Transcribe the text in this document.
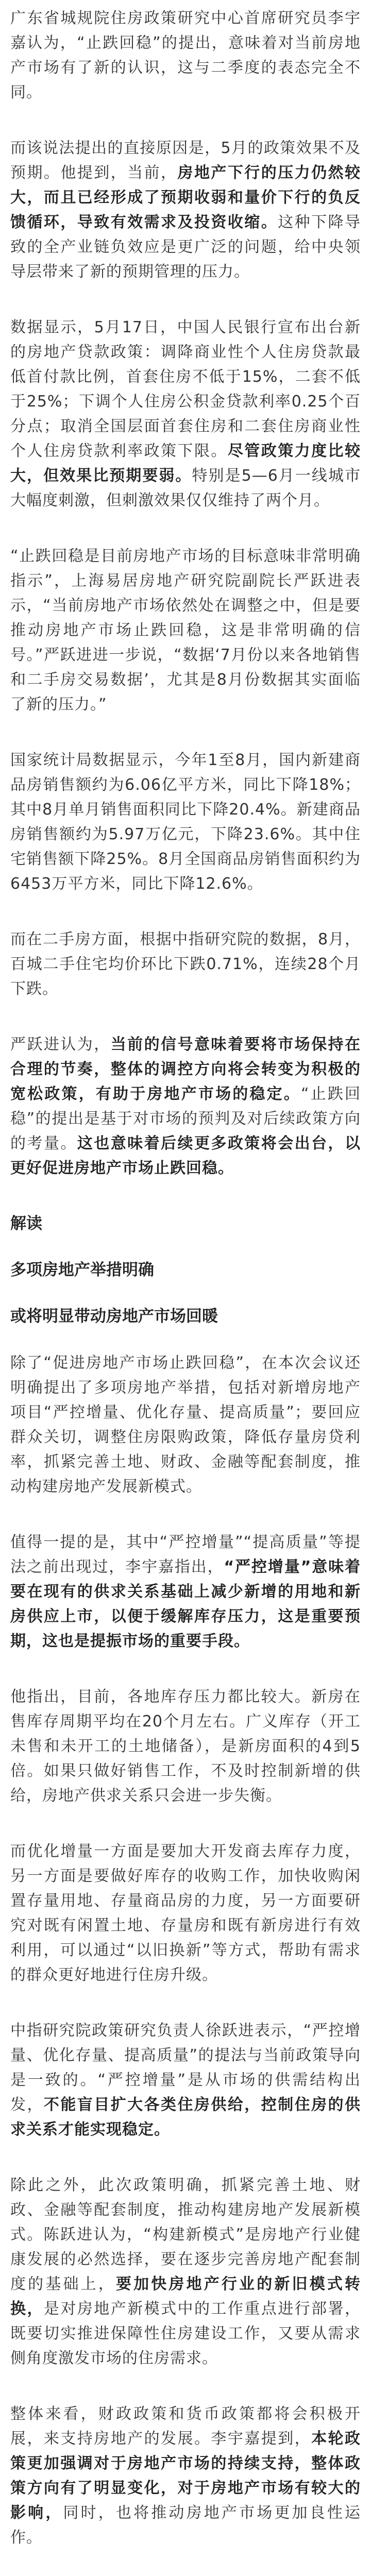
广东省城规院住房政策研究中心首席研究员李宇嘉认为，“止跌回稳”的提出，意味着对当前房地产市场有了新的认识，这与二季度的表态完全不同。

而该说法提出的直接原因是，5月的政策效果不及预期。他提到，当前，房地产下行的压力仍然较大，而且已经形成了预期收弱和量价下行的负反馈循环，导致有效需求及投资收缩。这种下降导致的全产业链负效应是更广泛的问题，给中央领导层带来了新的预期管理的压力。

数据显示，5月17日，中国人民银行宣布出台新的房地产贷款政策：调降商业性个人住房贷款最低首付款比例，首套住房不低于15%，二套不低于25%；下调个人住房公积金贷款利率0.25个百分点；取消全国层面首套住房和二套住房商业性个人住房贷款利率政策下限。尽管政策力度比较大，但效果比预期要弱。特别是5—6月一线城市大幅度刺激，但刺激效果仅仅维持了两个月。

“止跌回稳是目前房地产市场的目标意味非常明确指示”，上海易居房地产研究院副院长严跃进表示，“当前房地产市场依然处在调整之中，但是要推动房地产市场止跌回稳，这是非常明确的信号。”严跃进进一步说，“数据‘7月份以来各地销售和二手房交易数据’，尤其是8月份数据其实面临了新的压力。”

国家统计局数据显示，今年1至8月，国内新建商品房销售额约为6.06亿平方米，同比下降18%；其中8月单月销售面积同比下降20.4%。新建商品房销售额约为5.97万亿元，下降23.6%。其中住宅销售额下降25%。8月全国商品房销售面积约为6453万平方米，同比下降12.6%。

而在二手房方面，根据中指研究院的数据，8月，百城二手住宅均价环比下跌0.71%，连续28个月下跌。

严跃进认为，当前的信号意味着要将市场保持在合理的节奏，整体的调控方向将会转变为积极的宽松政策，有助于房地产市场的稳定。“止跌回稳”的提出是基于对市场的预判及对后续政策方向的考量。这也意味着后续更多政策将会出台，以更好促进房地产市场止跌回稳。

解读
多项房地产举措明确
或将明显带动房地产市场回暖

除了“促进房地产市场止跌回稳”，在本次会议还明确提出了多项房地产举措，包括对新增房地产项目“严控增量、优化存量、提高质量”；要回应群众关切，调整住房限购政策，降低存量房贷利率，抓紧完善土地、财政、金融等配套制度，推动构建房地产发展新模式。

值得一提的是，其中“严控增量”“提高质量”等提法之前出现过，李宇嘉指出，“严控增量”意味着要在现有的供求关系基础上减少新增的用地和新房供应上市，以便于缓解库存压力，这是重要预期，这也是提振市场的重要手段。

他指出，目前，各地库存压力都比较大。新房在售库存周期平均在20个月左右。广义库存（开工未售和未开工的土地储备），是新房面积的4到5倍。如果只做好销售工作，不及时控制新增的供给，房地产供求关系只会进一步失衡。

而优化增量一方面是要加大开发商去库存力度，另一方面是要做好库存的收购工作，加快收购闲置存量用地、存量商品房的力度，另一方面要研究对既有闲置土地、存量房和既有新房进行有效利用，可以通过“以旧换新”等方式，帮助有需求的群众更好地进行住房升级。

中指研究院政策研究负责人徐跃进表示，“严控增量、优化存量、提高质量”的提法与当前政策导向是一致的。“严控增量”是从市场的供需结构出发，不能盲目扩大各类住房供给，控制住房的供求关系才能实现稳定。

除此之外，此次政策明确，抓紧完善土地、财政、金融等配套制度，推动构建房地产发展新模式。陈跃进认为，“构建新模式”是房地产行业健康发展的必然选择，要在逐步完善房地产配套制度的基础上，要加快房地产行业的新旧模式转换，是对房地产新模式中的工作重点进行部署，既要切实推进保障性住房建设工作，又要从需求侧角度激发市场的住房需求。

整体来看，财政政策和货币政策都将会积极开展，来支持房地产的发展。李宇嘉提到，本轮政策更加强调对于房地产市场的持续支持，整体政策方向有了明显变化，对于房地产市场有较大的影响，同时，也将推动房地产市场更加良性运作。
